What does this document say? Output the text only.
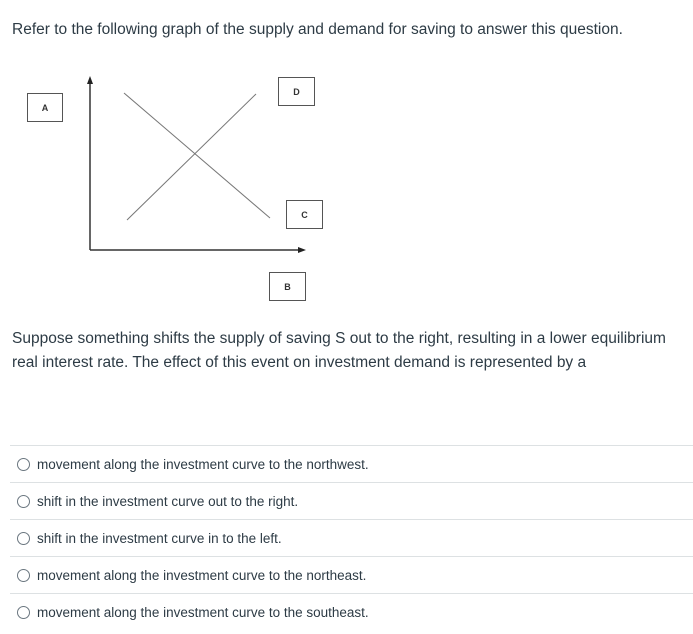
Refer to the following graph of the supply and demand for saving to answer this question.

A
D
C
B

Suppose something shifts the supply of saving S out to the right, resulting in a lower equilibrium real interest rate. The effect of this event on investment demand is represented by a

movement along the investment curve to the northwest.
shift in the investment curve out to the right.
shift in the investment curve in to the left.
movement along the investment curve to the northeast.
movement along the investment curve to the southeast.
